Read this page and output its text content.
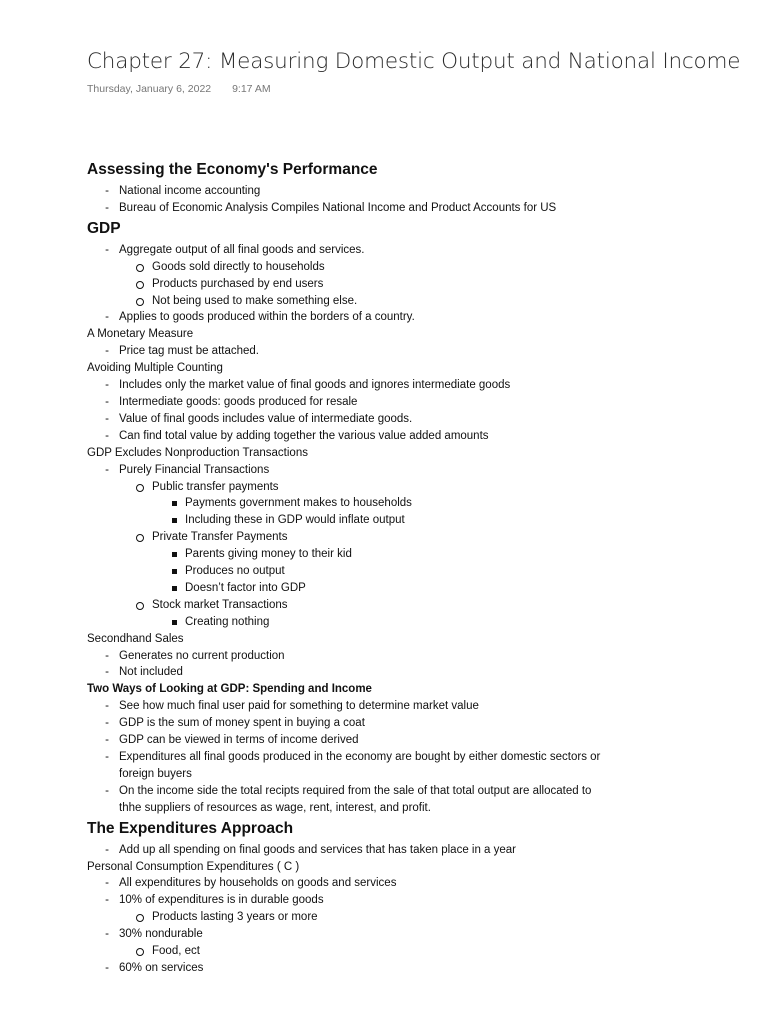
Chapter 27: Measuring Domestic Output and National Income
Thursday, January 6, 2022 9:17 AM
Assessing the Economy's Performance
- National income accounting
- Bureau of Economic Analysis Compiles National Income and Product Accounts for US
GDP
- Aggregate output of all final goods and services.
Goods sold directly to households
Products purchased by end users
Not being used to make something else.
- Applies to goods produced within the borders of a country.
A Monetary Measure
- Price tag must be attached.
Avoiding Multiple Counting
- Includes only the market value of final goods and ignores intermediate goods
- Intermediate goods: goods produced for resale
- Value of final goods includes value of intermediate goods.
- Can find total value by adding together the various value added amounts
GDP Excludes Nonproduction Transactions
- Purely Financial Transactions
Public transfer payments
Payments government makes to households
Including these in GDP would inflate output
Private Transfer Payments
Parents giving money to their kid
Produces no output
Doesn’t factor into GDP
Stock market Transactions
Creating nothing
Secondhand Sales
- Generates no current production
- Not included
Two Ways of Looking at GDP: Spending and Income
- See how much final user paid for something to determine market value
- GDP is the sum of money spent in buying a coat
- GDP can be viewed in terms of income derived
- Expenditures all final goods produced in the economy are bought by either domestic sectors or
foreign buyers
- On the income side the total recipts required from the sale of that total output are allocated to
thhe suppliers of resources as wage, rent, interest, and profit.
The Expenditures Approach
- Add up all spending on final goods and services that has taken place in a year
Personal Consumption Expenditures ( C )
- All expenditures by households on goods and services
- 10% of expenditures is in durable goods
Products lasting 3 years or more
- 30% nondurable
Food, ect
- 60% on services
